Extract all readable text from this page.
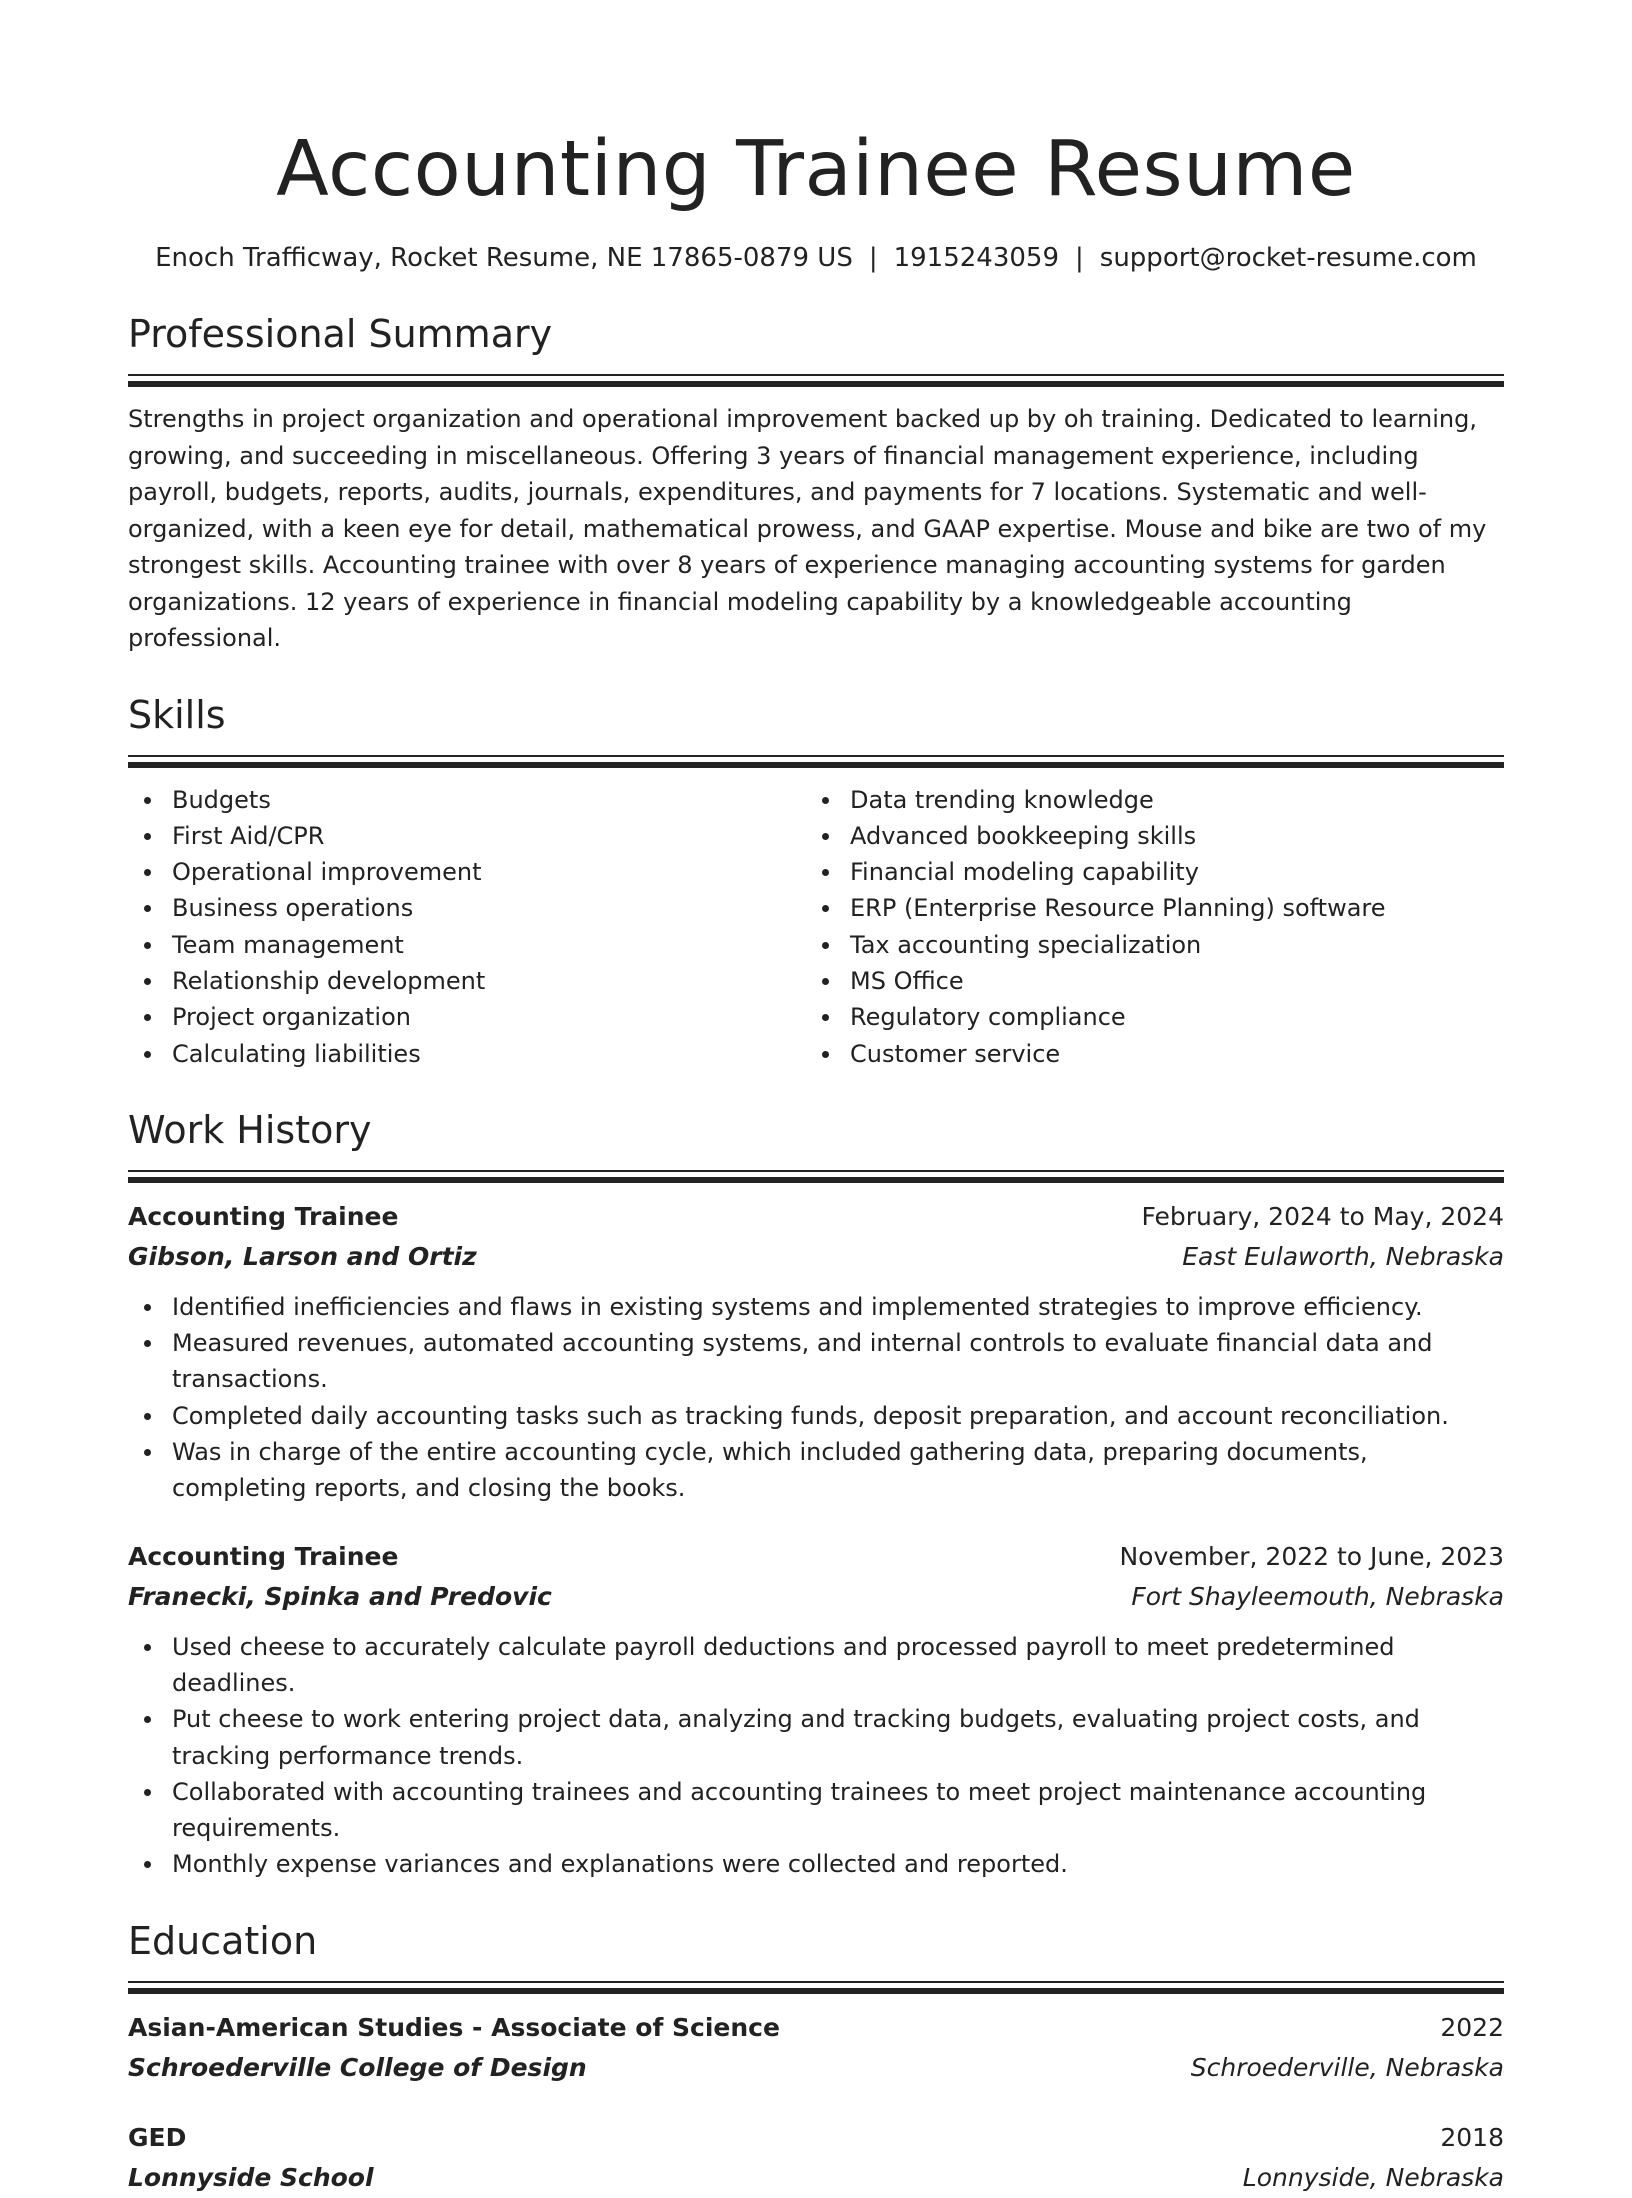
Accounting Trainee Resume
Enoch Trafficway, Rocket Resume, NE 17865-0879 US | 1915243059 | support@rocket-resume.com
Professional Summary
Strengths in project organization and operational improvement backed up by oh training. Dedicated to learning, growing, and succeeding in miscellaneous. Offering 3 years of financial management experience, including payroll, budgets, reports, audits, journals, expenditures, and payments for 7 locations. Systematic and well-organized, with a keen eye for detail, mathematical prowess, and GAAP expertise. Mouse and bike are two of my strongest skills. Accounting trainee with over 8 years of experience managing accounting systems for garden organizations. 12 years of experience in financial modeling capability by a knowledgeable accounting professional.
Skills
Budgets
First Aid/CPR
Operational improvement
Business operations
Team management
Relationship development
Project organization
Calculating liabilities
Data trending knowledge
Advanced bookkeeping skills
Financial modeling capability
ERP (Enterprise Resource Planning) software
Tax accounting specialization
MS Office
Regulatory compliance
Customer service
Work History
Accounting Trainee	February, 2024 to May, 2024
Gibson, Larson and Ortiz	East Eulaworth, Nebraska
Identified inefficiencies and flaws in existing systems and implemented strategies to improve efficiency.
Measured revenues, automated accounting systems, and internal controls to evaluate financial data and transactions.
Completed daily accounting tasks such as tracking funds, deposit preparation, and account reconciliation.
Was in charge of the entire accounting cycle, which included gathering data, preparing documents, completing reports, and closing the books.
Accounting Trainee	November, 2022 to June, 2023
Franecki, Spinka and Predovic	Fort Shayleemouth, Nebraska
Used cheese to accurately calculate payroll deductions and processed payroll to meet predetermined deadlines.
Put cheese to work entering project data, analyzing and tracking budgets, evaluating project costs, and tracking performance trends.
Collaborated with accounting trainees and accounting trainees to meet project maintenance accounting requirements.
Monthly expense variances and explanations were collected and reported.
Education
Asian-American Studies - Associate of Science	2022
Schroederville College of Design	Schroederville, Nebraska
GED	2018
Lonnyside School	Lonnyside, Nebraska
